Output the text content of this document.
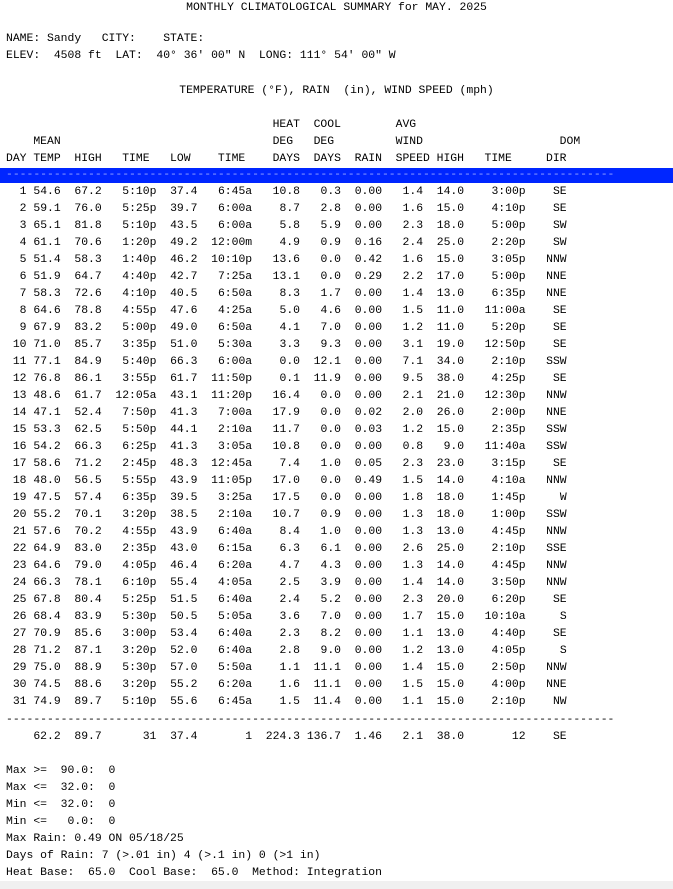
MONTHLY CLIMATOLOGICAL SUMMARY for MAY. 2025
NAME: Sandy   CITY:    STATE:
ELEV:  4508 ft  LAT:  40° 36' 00" N  LONG: 111° 54' 00" W
TEMPERATURE (°F), RAIN  (in), WIND SPEED (mph)
HEAT  COOL        AVG
MEAN                               DEG   DEG         WIND                    DOM
DAY TEMP  HIGH   TIME   LOW    TIME    DAYS  DAYS  RAIN  SPEED HIGH   TIME     DIR
-----------------------------------------------------------------------------------------
1 54.6 67.2 5:10p 37.4 6:45a 10.8 0.3 0.00 1.4 14.0 3:00p SE
2 59.1 76.0 5:25p 39.7 6:00a 8.7 2.8 0.00 1.6 15.0 4:10p SE
3 65.1 81.8 5:10p 43.5 6:00a 5.8 5.9 0.00 2.3 18.0 5:00p SW
4 61.1 70.6 1:20p 49.2 12:00m 4.9 0.9 0.16 2.4 25.0 2:20p SW
5 51.4 58.3 1:40p 46.2 10:10p 13.6 0.0 0.42 1.6 15.0 3:05p NNW
6 51.9 64.7 4:40p 42.7 7:25a 13.1 0.0 0.29 2.2 17.0 5:00p NNE
7 58.3 72.6 4:10p 40.5 6:50a 8.3 1.7 0.00 1.4 13.0 6:35p NNE
8 64.6 78.8 4:55p 47.6 4:25a 5.0 4.6 0.00 1.5 11.0 11:00a SE
9 67.9 83.2 5:00p 49.0 6:50a 4.1 7.0 0.00 1.2 11.0 5:20p SE
10 71.0 85.7 3:35p 51.0 5:30a 3.3 9.3 0.00 3.1 19.0 12:50p SE
11 77.1 84.9 5:40p 66.3 6:00a 0.0 12.1 0.00 7.1 34.0 2:10p SSW
12 76.8 86.1 3:55p 61.7 11:50p 0.1 11.9 0.00 9.5 38.0 4:25p SE
13 48.6 61.7 12:05a 43.1 11:20p 16.4 0.0 0.00 2.1 21.0 12:30p NNW
14 47.1 52.4 7:50p 41.3 7:00a 17.9 0.0 0.02 2.0 26.0 2:00p NNE
15 53.3 62.5 5:50p 44.1 2:10a 11.7 0.0 0.03 1.2 15.0 2:35p SSW
16 54.2 66.3 6:25p 41.3 3:05a 10.8 0.0 0.00 0.8 9.0 11:40a SSW
17 58.6 71.2 2:45p 48.3 12:45a 7.4 1.0 0.05 2.3 23.0 3:15p SE
18 48.0 56.5 5:55p 43.9 11:05p 17.0 0.0 0.49 1.5 14.0 4:10a NNW
19 47.5 57.4 6:35p 39.5 3:25a 17.5 0.0 0.00 1.8 18.0 1:45p	W
20 55.2 70.1 3:20p 38.5 2:10a 10.7 0.9 0.00 1.3 18.0 1:00p SSW
21 57.6 70.2 4:55p 43.9 6:40a 8.4 1.0 0.00 1.3 13.0 4:45p NNW
22 64.9 83.0 2:35p 43.0 6:15a 6.3 6.1 0.00 2.6 25.0 2:10p SSE
23 64.6 79.0 4:05p 46.4 6:20a 4.7 4.3 0.00 1.3 14.0 4:45p NNW
24 66.3 78.1 6:10p 55.4 4:05a 2.5 3.9 0.00 1.4 14.0 3:50p NNW
25 67.8 80.4 5:25p 51.5 6:40a 2.4 5.2 0.00 2.3 20.0 6:20p SE
26 68.4 83.9 5:30p 50.5 5:05a 3.6 7.0 0.00 1.7 15.0 10:10a	S
27 70.9 85.6 3:00p 53.4 6:40a 2.3 8.2 0.00 1.1 13.0 4:40p SE
28 71.2 87.1 3:20p 52.0 6:40a 2.8 9.0 0.00 1.2 13.0 4:05p	S
29 75.0 88.9 5:30p 57.0 5:50a 1.1 11.1 0.00 1.4 15.0 2:50p NNW
30 74.5 88.6 3:20p 55.2 6:20a 1.6 11.1 0.00 1.5 15.0 4:00p NNE
31 74.9 89.7 5:10p 55.6 6:45a 1.5 11.4 0.00 1.1 15.0 2:10p NW
-----------------------------------------------------------------------------------------
62.2 89.7	31 37.4	1 224.3 136.7 1.46 2.1 38.0	12 SE
Max >=  90.0:  0
Max <=  32.0:  0
Min <=  32.0:  0
Min <=   0.0:  0
Max Rain: 0.49 ON 05/18/25
Days of Rain: 7 (>.01 in) 4 (>.1 in) 0 (>1 in)
Heat Base:  65.0  Cool Base:  65.0  Method: Integration
